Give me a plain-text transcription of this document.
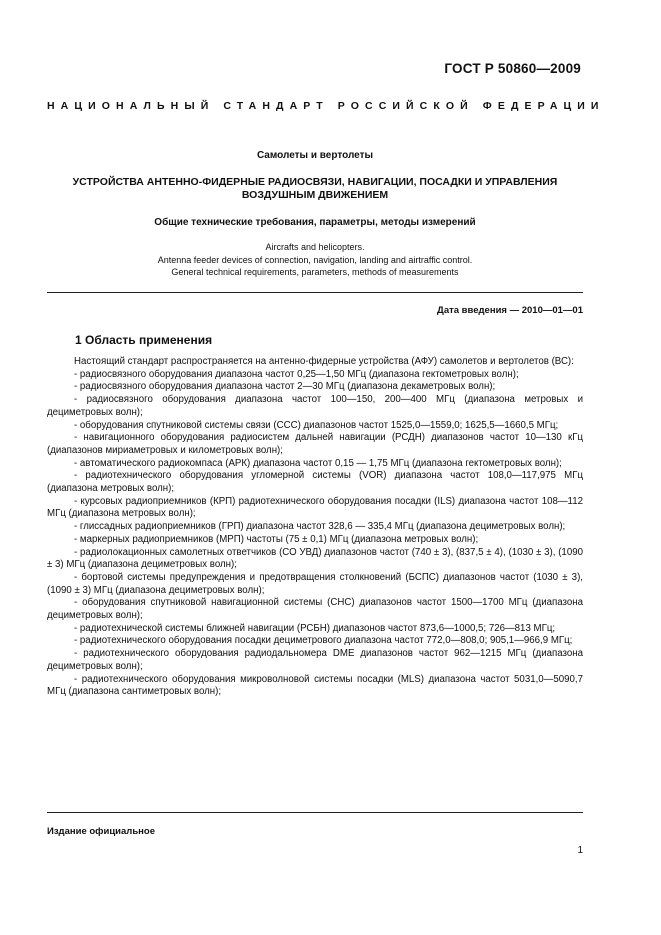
ГОСТ Р 50860—2009
НАЦИОНАЛЬНЫЙ СТАНДАРТ РОССИЙСКОЙ ФЕДЕРАЦИИ
Самолеты и вертолеты
УСТРОЙСТВА АНТЕННО-ФИДЕРНЫЕ РАДИОСВЯЗИ, НАВИГАЦИИ, ПОСАДКИ И УПРАВЛЕНИЯ ВОЗДУШНЫМ ДВИЖЕНИЕМ
Общие технические требования, параметры, методы измерений
Aircrafts and helicopters.
Antenna feeder devices of connection, navigation, landing and airtraffic control.
General technical requirements, parameters, methods of measurements
Дата введения — 2010—01—01
1 Область применения

Настоящий стандарт распространяется на антенно-фидерные устройства (АФУ) самолетов и вертолетов (ВС):

- радиосвязного оборудования диапазона частот 0,25—1,50 МГц (диапазона гектометровых волн);

- радиосвязного оборудования диапазона частот 2—30 МГц (диапазона декаметровых волн);

- радиосвязного оборудования диапазона частот 100—150, 200—400 МГц (диапазона метровых и дециметровых волн);

- оборудования спутниковой системы связи (ССС) диапазонов частот 1525,0—1559,0; 1625,5—1660,5 МГц;

- навигационного оборудования радиосистем дальней навигации (РСДН) диапазонов частот 10—130 кГц (диапазонов мириаметровых и километровых волн);

- автоматического радиокомпаса (АРК) диапазона частот 0,15 — 1,75 МГц (диапазона гектометровых волн);

- радиотехнического оборудования угломерной системы (VOR) диапазона частот 108,0—117,975 МГц (диапазона метровых волн);

- курсовых радиоприемников (КРП) радиотехнического оборудования посадки (ILS) диапазона частот 108—112 МГц (диапазона метровых волн);

- глиссадных радиоприемников (ГРП) диапазона частот 328,6 — 335,4 МГц (диапазона дециметровых волн);

- маркерных радиоприемников (МРП) частоты (75 ± 0,1) МГц (диапазона метровых волн);

- радиолокационных самолетных ответчиков (СО УВД) диапазонов частот (740 ± 3), (837,5 ± 4), (1030 ± 3), (1090 ± 3) МГц (диапазона дециметровых волн);

- бортовой системы предупреждения и предотвращения столкновений (БСПС) диапазонов частот (1030 ± 3), (1090 ± 3) МГц (диапазона дециметровых волн);

- оборудования спутниковой навигационной системы (СНС) диапазонов частот 1500—1700 МГц (диапазона дециметровых волн);

- радиотехнической системы ближней навигации (РСБН) диапазонов частот 873,6—1000,5; 726—813 МГц;

- радиотехнического оборудования посадки дециметрового диапазона частот 772,0—808,0; 905,1—966,9 МГц;

- радиотехнического оборудования радиодальномера DME диапазонов частот 962—1215 МГц (диапазона дециметровых волн);

- радиотехнического оборудования микроволновой системы посадки (MLS) диапазона частот 5031,0—5090,7 МГц (диапазона сантиметровых волн);

Издание официальное
1
